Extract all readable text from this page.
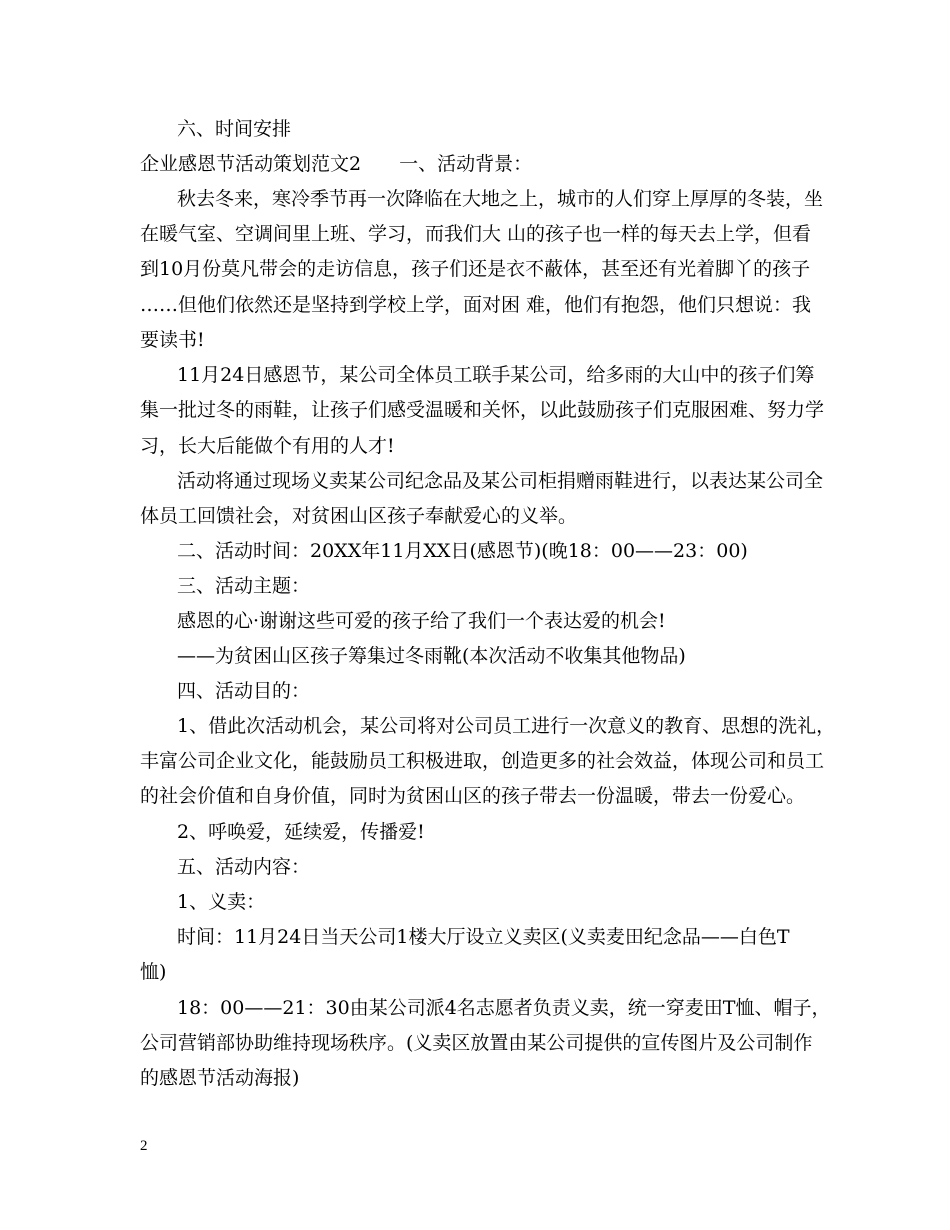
六、时间安排
企业感恩节活动策划范文2　　一、活动背景：
秋去冬来，寒冷季节再一次降临在大地之上，城市的人们穿上厚厚的冬装，坐
在暖气室、空调间里上班、学习，而我们大 山的孩子也一样的每天去上学，但看
到10月份莫凡带会的走访信息，孩子们还是衣不蔽体，甚至还有光着脚丫的孩子
……但他们依然还是坚持到学校上学，面对困 难，他们有抱怨，他们只想说：我
要读书!
11月24日感恩节，某公司全体员工联手某公司，给多雨的大山中的孩子们筹
集一批过冬的雨鞋，让孩子们感受温暖和关怀，以此鼓励孩子们克服困难、努力学
习，长大后能做个有用的人才!
活动将通过现场义卖某公司纪念品及某公司柜捐赠雨鞋进行，以表达某公司全
体员工回馈社会，对贫困山区孩子奉献爱心的义举。
二、活动时间：20XX年11月XX日(感恩节)(晚18：00——23：00)
三、活动主题：
感恩的心·谢谢这些可爱的孩子给了我们一个表达爱的机会!
——为贫困山区孩子筹集过冬雨靴(本次活动不收集其他物品)
四、活动目的：
1、借此次活动机会，某公司将对公司员工进行一次意义的教育、思想的洗礼，
丰富公司企业文化，能鼓励员工积极进取，创造更多的社会效益，体现公司和员工
的社会价值和自身价值，同时为贫困山区的孩子带去一份温暖，带去一份爱心。
2、呼唤爱，延续爱，传播爱!
五、活动内容：
1、义卖：
时间：11月24日当天公司1楼大厅设立义卖区(义卖麦田纪念品——白色T
恤)
18：00——21：30由某公司派4名志愿者负责义卖，统一穿麦田T恤、帽子，
公司营销部协助维持现场秩序。(义卖区放置由某公司提供的宣传图片及公司制作
的感恩节活动海报)
2
